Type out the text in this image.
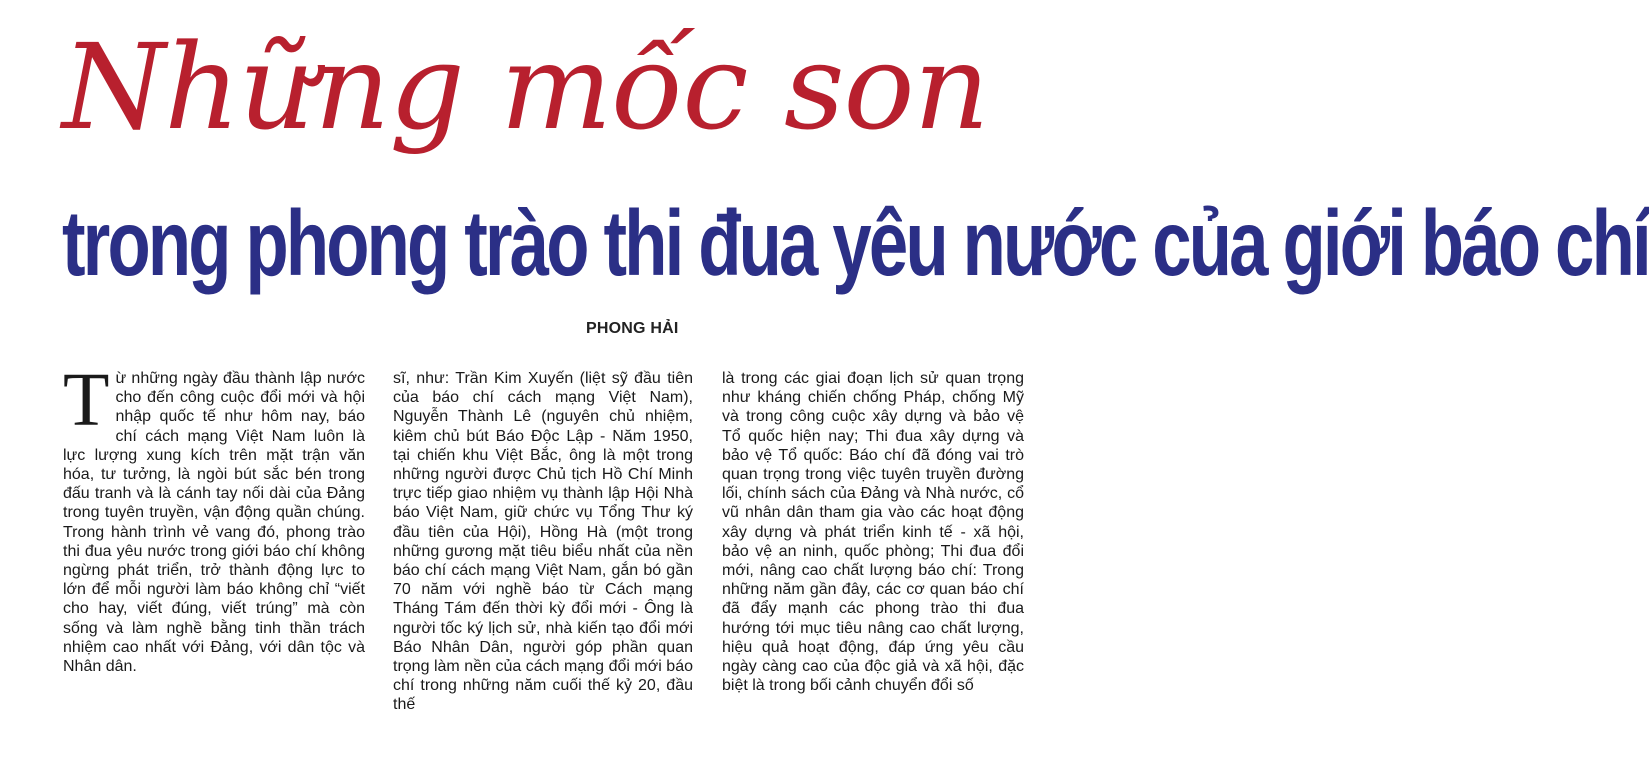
Những mốc son
trong phong trào thi đua yêu nước của giới báo chí
PHONG HẢI
Từ những ngày đầu thành lập nước cho đến công cuộc đổi mới và hội nhập quốc tế như hôm nay, báo chí cách mạng Việt Nam luôn là lực lượng xung kích trên mặt trận văn hóa, tư tưởng, là ngòi bút sắc bén trong đấu tranh và là cánh tay nối dài của Đảng trong tuyên truyền, vận động quần chúng. Trong hành trình vẻ vang đó, phong trào thi đua yêu nước trong giới báo chí không ngừng phát triển, trở thành động lực to lớn để mỗi người làm báo không chỉ “viết cho hay, viết đúng, viết trúng” mà còn sống và làm nghề bằng tinh thần trách nhiệm cao nhất với Đảng, với dân tộc và Nhân dân.
sĩ, như: Trần Kim Xuyến (liệt sỹ đầu tiên của báo chí cách mạng Việt Nam), Nguyễn Thành Lê (nguyên chủ nhiệm, kiêm chủ bút Báo Độc Lập - Năm 1950, tại chiến khu Việt Bắc, ông là một trong những người được Chủ tịch Hồ Chí Minh trực tiếp giao nhiệm vụ thành lập Hội Nhà báo Việt Nam, giữ chức vụ Tổng Thư ký đầu tiên của Hội), Hồng Hà (một trong những gương mặt tiêu biểu nhất của nền báo chí cách mạng Việt Nam, gắn bó gần 70 năm với nghề báo từ Cách mạng Tháng Tám đến thời kỳ đổi mới - Ông là người tốc ký lịch sử, nhà kiến tạo đổi mới Báo Nhân Dân, người góp phần quan trọng làm nền của cách mạng đổi mới báo chí trong những năm cuối thế kỷ 20, đầu thế
là trong các giai đoạn lịch sử quan trọng như kháng chiến chống Pháp, chống Mỹ và trong công cuộc xây dựng và bảo vệ Tổ quốc hiện nay; Thi đua xây dựng và bảo vệ Tổ quốc: Báo chí đã đóng vai trò quan trọng trong việc tuyên truyền đường lối, chính sách của Đảng và Nhà nước, cổ vũ nhân dân tham gia vào các hoạt động xây dựng và phát triển kinh tế - xã hội, bảo vệ an ninh, quốc phòng; Thi đua đổi mới, nâng cao chất lượng báo chí: Trong những năm gần đây, các cơ quan báo chí đã đẩy mạnh các phong trào thi đua hướng tới mục tiêu nâng cao chất lượng, hiệu quả hoạt động, đáp ứng yêu cầu ngày càng cao của độc giả và xã hội, đặc biệt là trong bối cảnh chuyển đổi số
